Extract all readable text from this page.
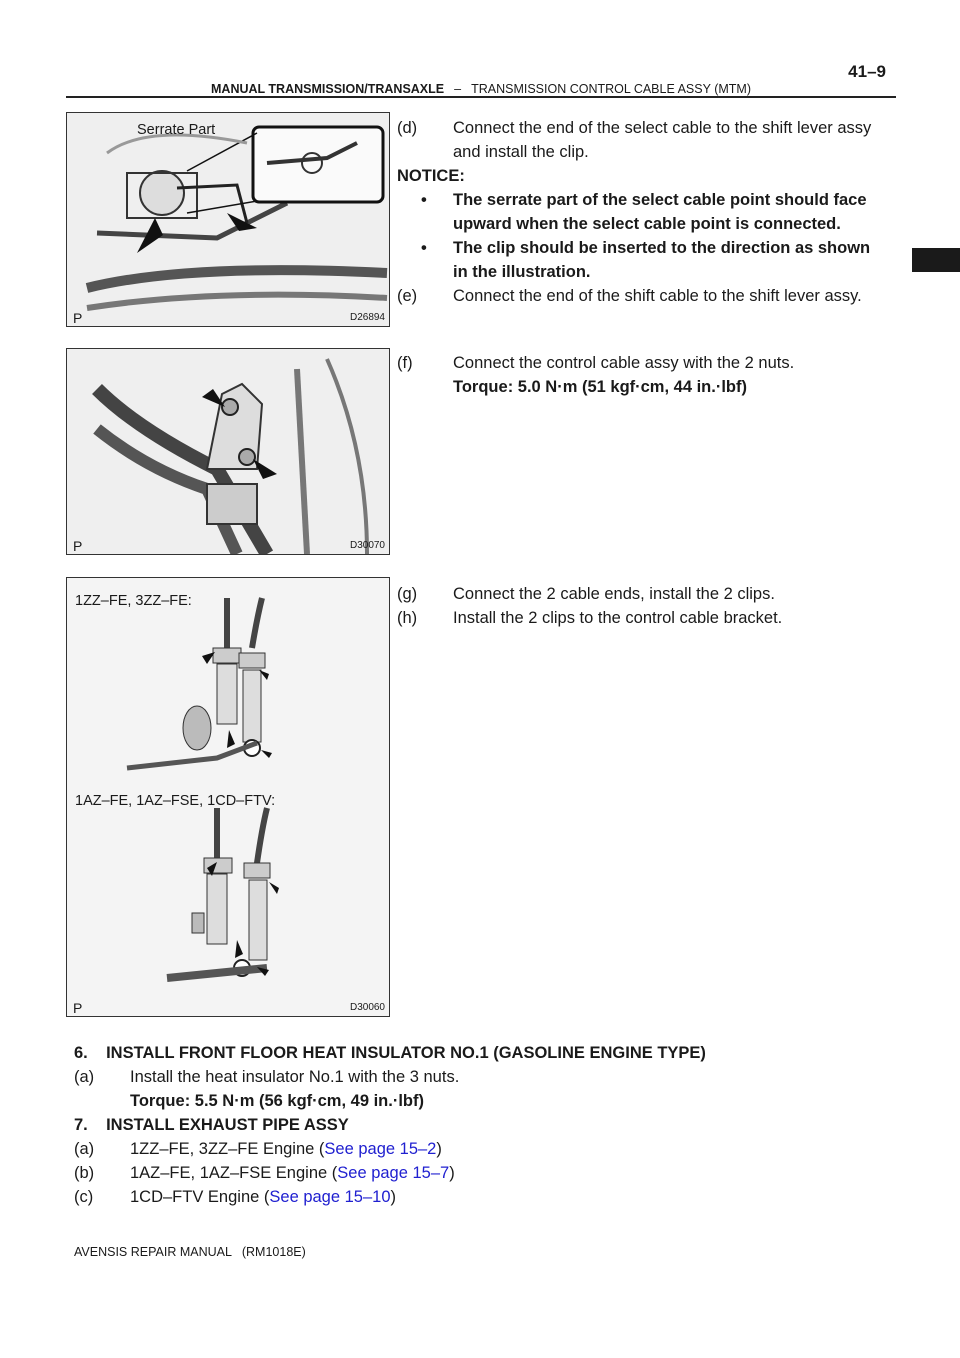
41–9
MANUAL TRANSMISSION/TRANSAXLE – TRANSMISSION CONTROL CABLE ASSY (MTM)
Serrate Part
P	D26894
P	D30070
1ZZ–FE, 3ZZ–FE:
1AZ–FE, 1AZ–FSE, 1CD–FTV:
P	D30060
(d) Connect the end of the select cable to the shift lever assy
and install the clip.
NOTICE:
• The serrate part of the select cable point should face
upward when the select cable point is connected.
• The clip should be inserted to the direction as shown
in the illustration.
(e) Connect the end of the shift cable to the shift lever assy.
(f) Connect the control cable assy with the 2 nuts.
Torque: 5.0 N·m (51 kgf·cm, 44 in.·lbf)
(g) Connect the 2 cable ends, install the 2 clips.
(h) Install the 2 clips to the control cable bracket.
6.    INSTALL FRONT FLOOR HEAT INSULATOR NO.1 (GASOLINE ENGINE TYPE)
(a) Install the heat insulator No.1 with the 3 nuts.
Torque: 5.5 N·m (56 kgf·cm, 49 in.·lbf)
7.    INSTALL EXHAUST PIPE ASSY
(a) 1ZZ–FE, 3ZZ–FE Engine (See page 15–2)
(b) 1AZ–FE, 1AZ–FSE Engine (See page 15–7)
(c) 1CD–FTV Engine (See page 15–10)
AVENSIS REPAIR MANUAL   (RM1018E)
